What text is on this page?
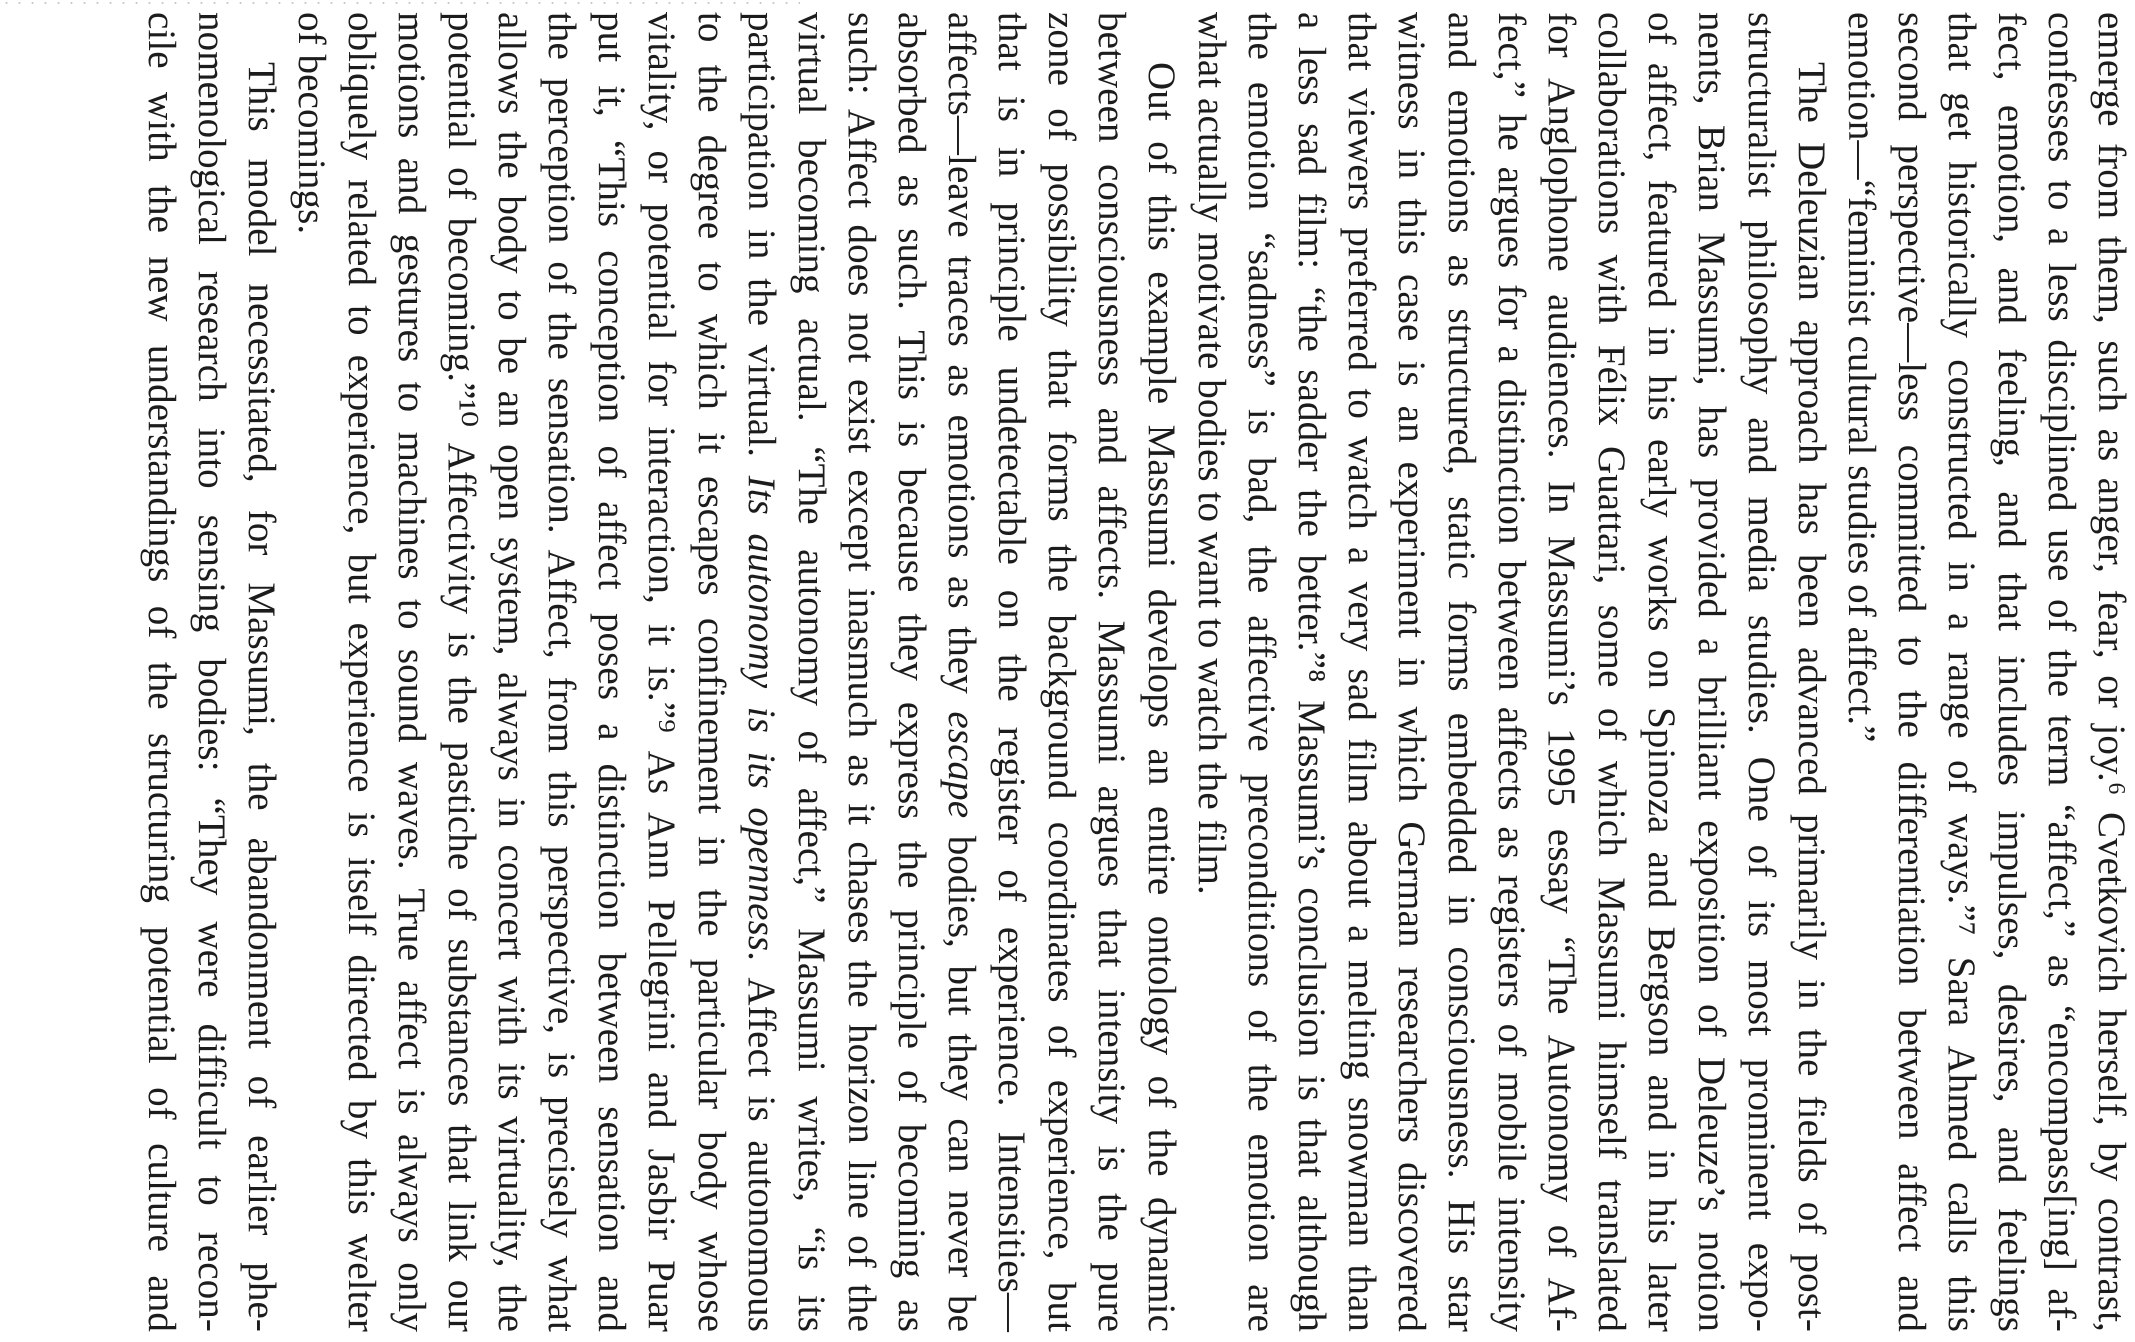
emerge from them, such as anger, fear, or joy.⁶ Cvetkovich herself, by contrast,
confesses to a less disciplined use of the term “affect,” as “encompass[ing] af-
fect, emotion, and feeling, and that includes impulses, desires, and feelings
that get historically constructed in a range of ways.”⁷ Sara Ahmed calls this
second perspective—less committed to the differentiation between affect and
emotion—“feminist cultural studies of affect.”
The Deleuzian approach has been advanced primarily in the fields of post-
structuralist philosophy and media studies. One of its most prominent expo-
nents, Brian Massumi, has provided a brilliant exposition of Deleuze’s notion
of affect, featured in his early works on Spinoza and Bergson and in his later
collaborations with Félix Guattari, some of which Massumi himself translated
for Anglophone audiences. In Massumi’s 1995 essay “The Autonomy of Af-
fect,” he argues for a distinction between affects as registers of mobile intensity
and emotions as structured, static forms embedded in consciousness. His star
witness in this case is an experiment in which German researchers discovered
that viewers preferred to watch a very sad film about a melting snowman than
a less sad film: “the sadder the better.”⁸ Massumi’s conclusion is that although
the emotion “sadness” is bad, the affective preconditions of the emotion are
what actually motivate bodies to want to watch the film.
Out of this example Massumi develops an entire ontology of the dynamic
between consciousness and affects. Massumi argues that intensity is the pure
zone of possibility that forms the background coordinates of experience, but
that is in principle undetectable on the register of experience. Intensities—
affects—leave traces as emotions as they escape bodies, but they can never be
absorbed as such. This is because they express the principle of becoming as
such: Affect does not exist except inasmuch as it chases the horizon line of the
virtual becoming actual. “The autonomy of affect,” Massumi writes, “is its
participation in the virtual. Its autonomy is its openness. Affect is autonomous
to the degree to which it escapes confinement in the particular body whose
vitality, or potential for interaction, it is.”⁹ As Ann Pellegrini and Jasbir Puar
put it, “This conception of affect poses a distinction between sensation and
the perception of the sensation. Affect, from this perspective, is precisely what
allows the body to be an open system, always in concert with its virtuality, the
potential of becoming.”¹⁰ Affectivity is the pastiche of substances that link our
motions and gestures to machines to sound waves. True affect is always only
obliquely related to experience, but experience is itself directed by this welter
of becomings.
This model necessitated, for Massumi, the abandonment of earlier phe-
nomenological research into sensing bodies: “They were difficult to recon-
cile with the new understandings of the structuring potential of culture and
